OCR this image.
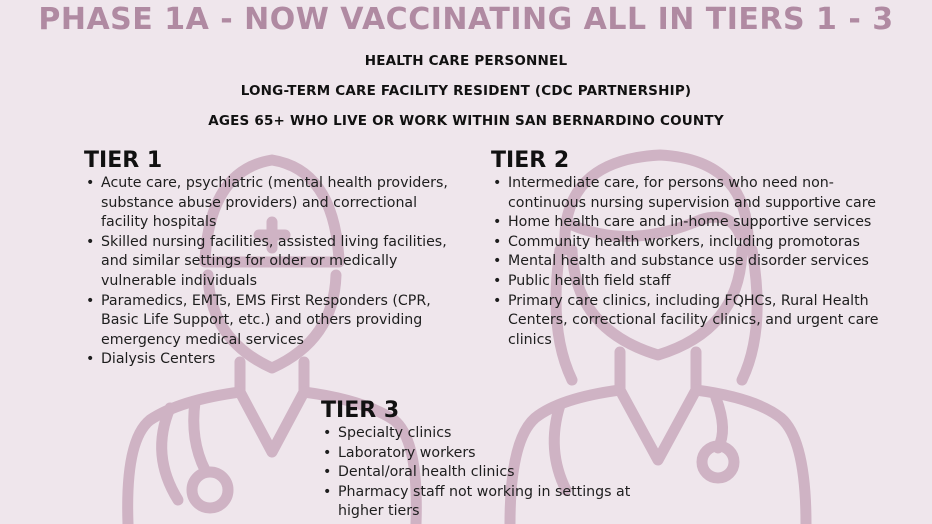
PHASE 1A - NOW VACCINATING ALL IN TIERS 1 - 3
HEALTH CARE PERSONNEL
LONG-TERM CARE FACILITY RESIDENT (CDC PARTNERSHIP)
AGES 65+ WHO LIVE OR WORK WITHIN SAN BERNARDINO COUNTY
TIER 1
• Acute care, psychiatric (mental health providers, substance abuse providers) and correctional facility hospitals
• Skilled nursing facilities, assisted living facilities, and similar settings for older or medically vulnerable individuals
• Paramedics, EMTs, EMS First Responders (CPR, Basic Life Support, etc.) and others providing emergency medical services
• Dialysis Centers
TIER 2
• Intermediate care, for persons who need non-continuous nursing supervision and supportive care
• Home health care and in-home supportive services
• Community health workers, including promotoras
• Mental health and substance use disorder services
• Public health field staff
• Primary care clinics, including FQHCs, Rural Health Centers, correctional facility clinics, and urgent care clinics
TIER 3
• Specialty clinics
• Laboratory workers
• Dental/oral health clinics
• Pharmacy staff not working in settings at higher tiers
